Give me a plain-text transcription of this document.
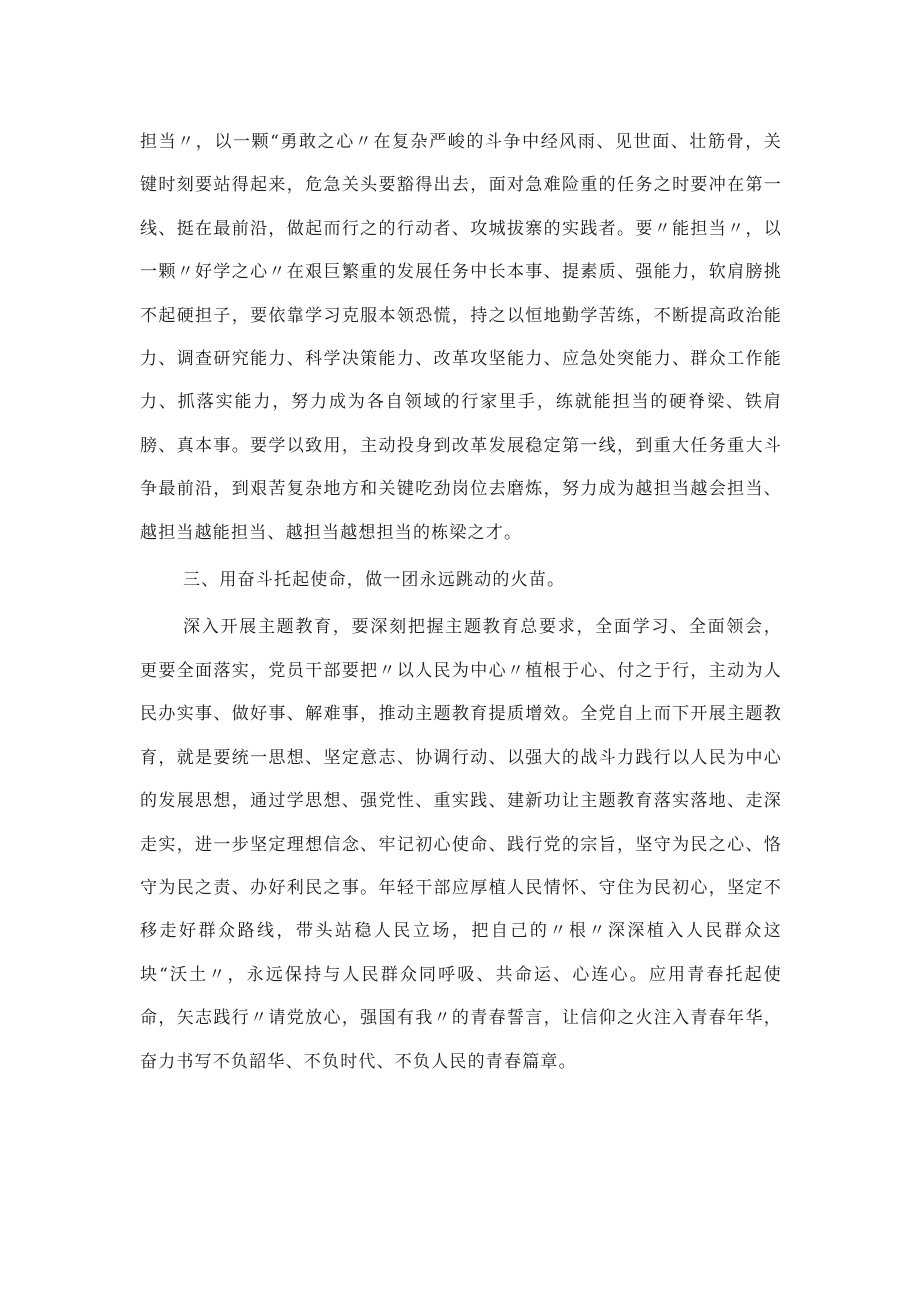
担当〃，以一颗“勇敢之心〃在复杂严峻的斗争中经风雨、见世面、壮筋骨，关键时刻要站得起来，危急关头要豁得出去，面对急难险重的任务之时要冲在第一线、挺在最前沿，做起而行之的行动者、攻城拔寨的实践者。要〃能担当〃，以一颗〃好学之心〃在艰巨繁重的发展任务中长本事、提素质、强能力，软肩膀挑不起硬担子，要依靠学习克服本领恐慌，持之以恒地勤学苦练，不断提高政治能力、调查研究能力、科学决策能力、改革攻坚能力、应急处突能力、群众工作能力、抓落实能力，努力成为各自领域的行家里手，练就能担当的硬脊梁、铁肩膀、真本事。要学以致用，主动投身到改革发展稳定第一线，到重大任务重大斗争最前沿，到艰苦复杂地方和关键吃劲岗位去磨炼，努力成为越担当越会担当、越担当越能担当、越担当越想担当的栋梁之才。

三、用奋斗托起使命，做一团永远跳动的火苗。

深入开展主题教育，要深刻把握主题教育总要求，全面学习、全面领会，更要全面落实，党员干部要把〃以人民为中心〃植根于心、付之于行，主动为人民办实事、做好事、解难事，推动主题教育提质增效。全党自上而下开展主题教育，就是要统一思想、坚定意志、协调行动、以强大的战斗力践行以人民为中心的发展思想，通过学思想、强党性、重实践、建新功让主题教育落实落地、走深走实，进一步坚定理想信念、牢记初心使命、践行党的宗旨，坚守为民之心、恪守为民之责、办好利民之事。年轻干部应厚植人民情怀、守住为民初心，坚定不移走好群众路线，带头站稳人民立场，把自己的〃根〃深深植入人民群众这块“沃土〃，永远保持与人民群众同呼吸、共命运、心连心。应用青春托起使命，矢志践行〃请党放心，强国有我〃的青春誓言，让信仰之火注入青春年华，奋力书写不负韶华、不负时代、不负人民的青春篇章。
